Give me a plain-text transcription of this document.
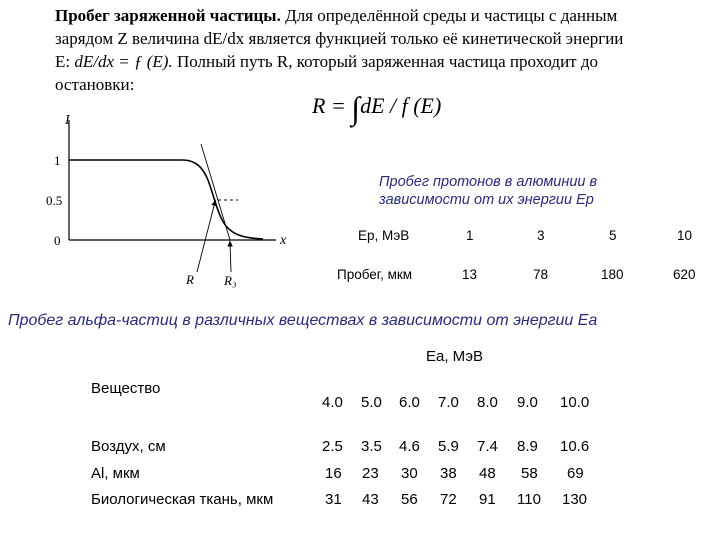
Пробег заряженной частицы. Для определённой среды и частицы с данным
зарядом Z величина dE/dx является функцией только её кинетической энергии
E: dE/dx = ƒ (E). Полный путь R, который заряженная частица проходит до
остановки:
R = ∫dE / f (E)
I
x
1
0.5
0
R R₃
Пробег протонов в алюминии в
зависимости от их энергии Ep
Ep, МэВ	1	3	5	10
Пробег, мкм	13	78	180	620
Пробег альфа-частиц в различных веществах в зависимости от энергии Ea
Ea, МэВ
Вещество
4.0 5.0 6.0 7.0 8.0 9.0 10.0
Воздух, см	2.5 3.5 4.6 5.9 7.4 8.9 10.6
Al, мкм	16 23 30 38 48 58 69
Биологическая ткань, мкм	31 43 56 72 91 110 130
